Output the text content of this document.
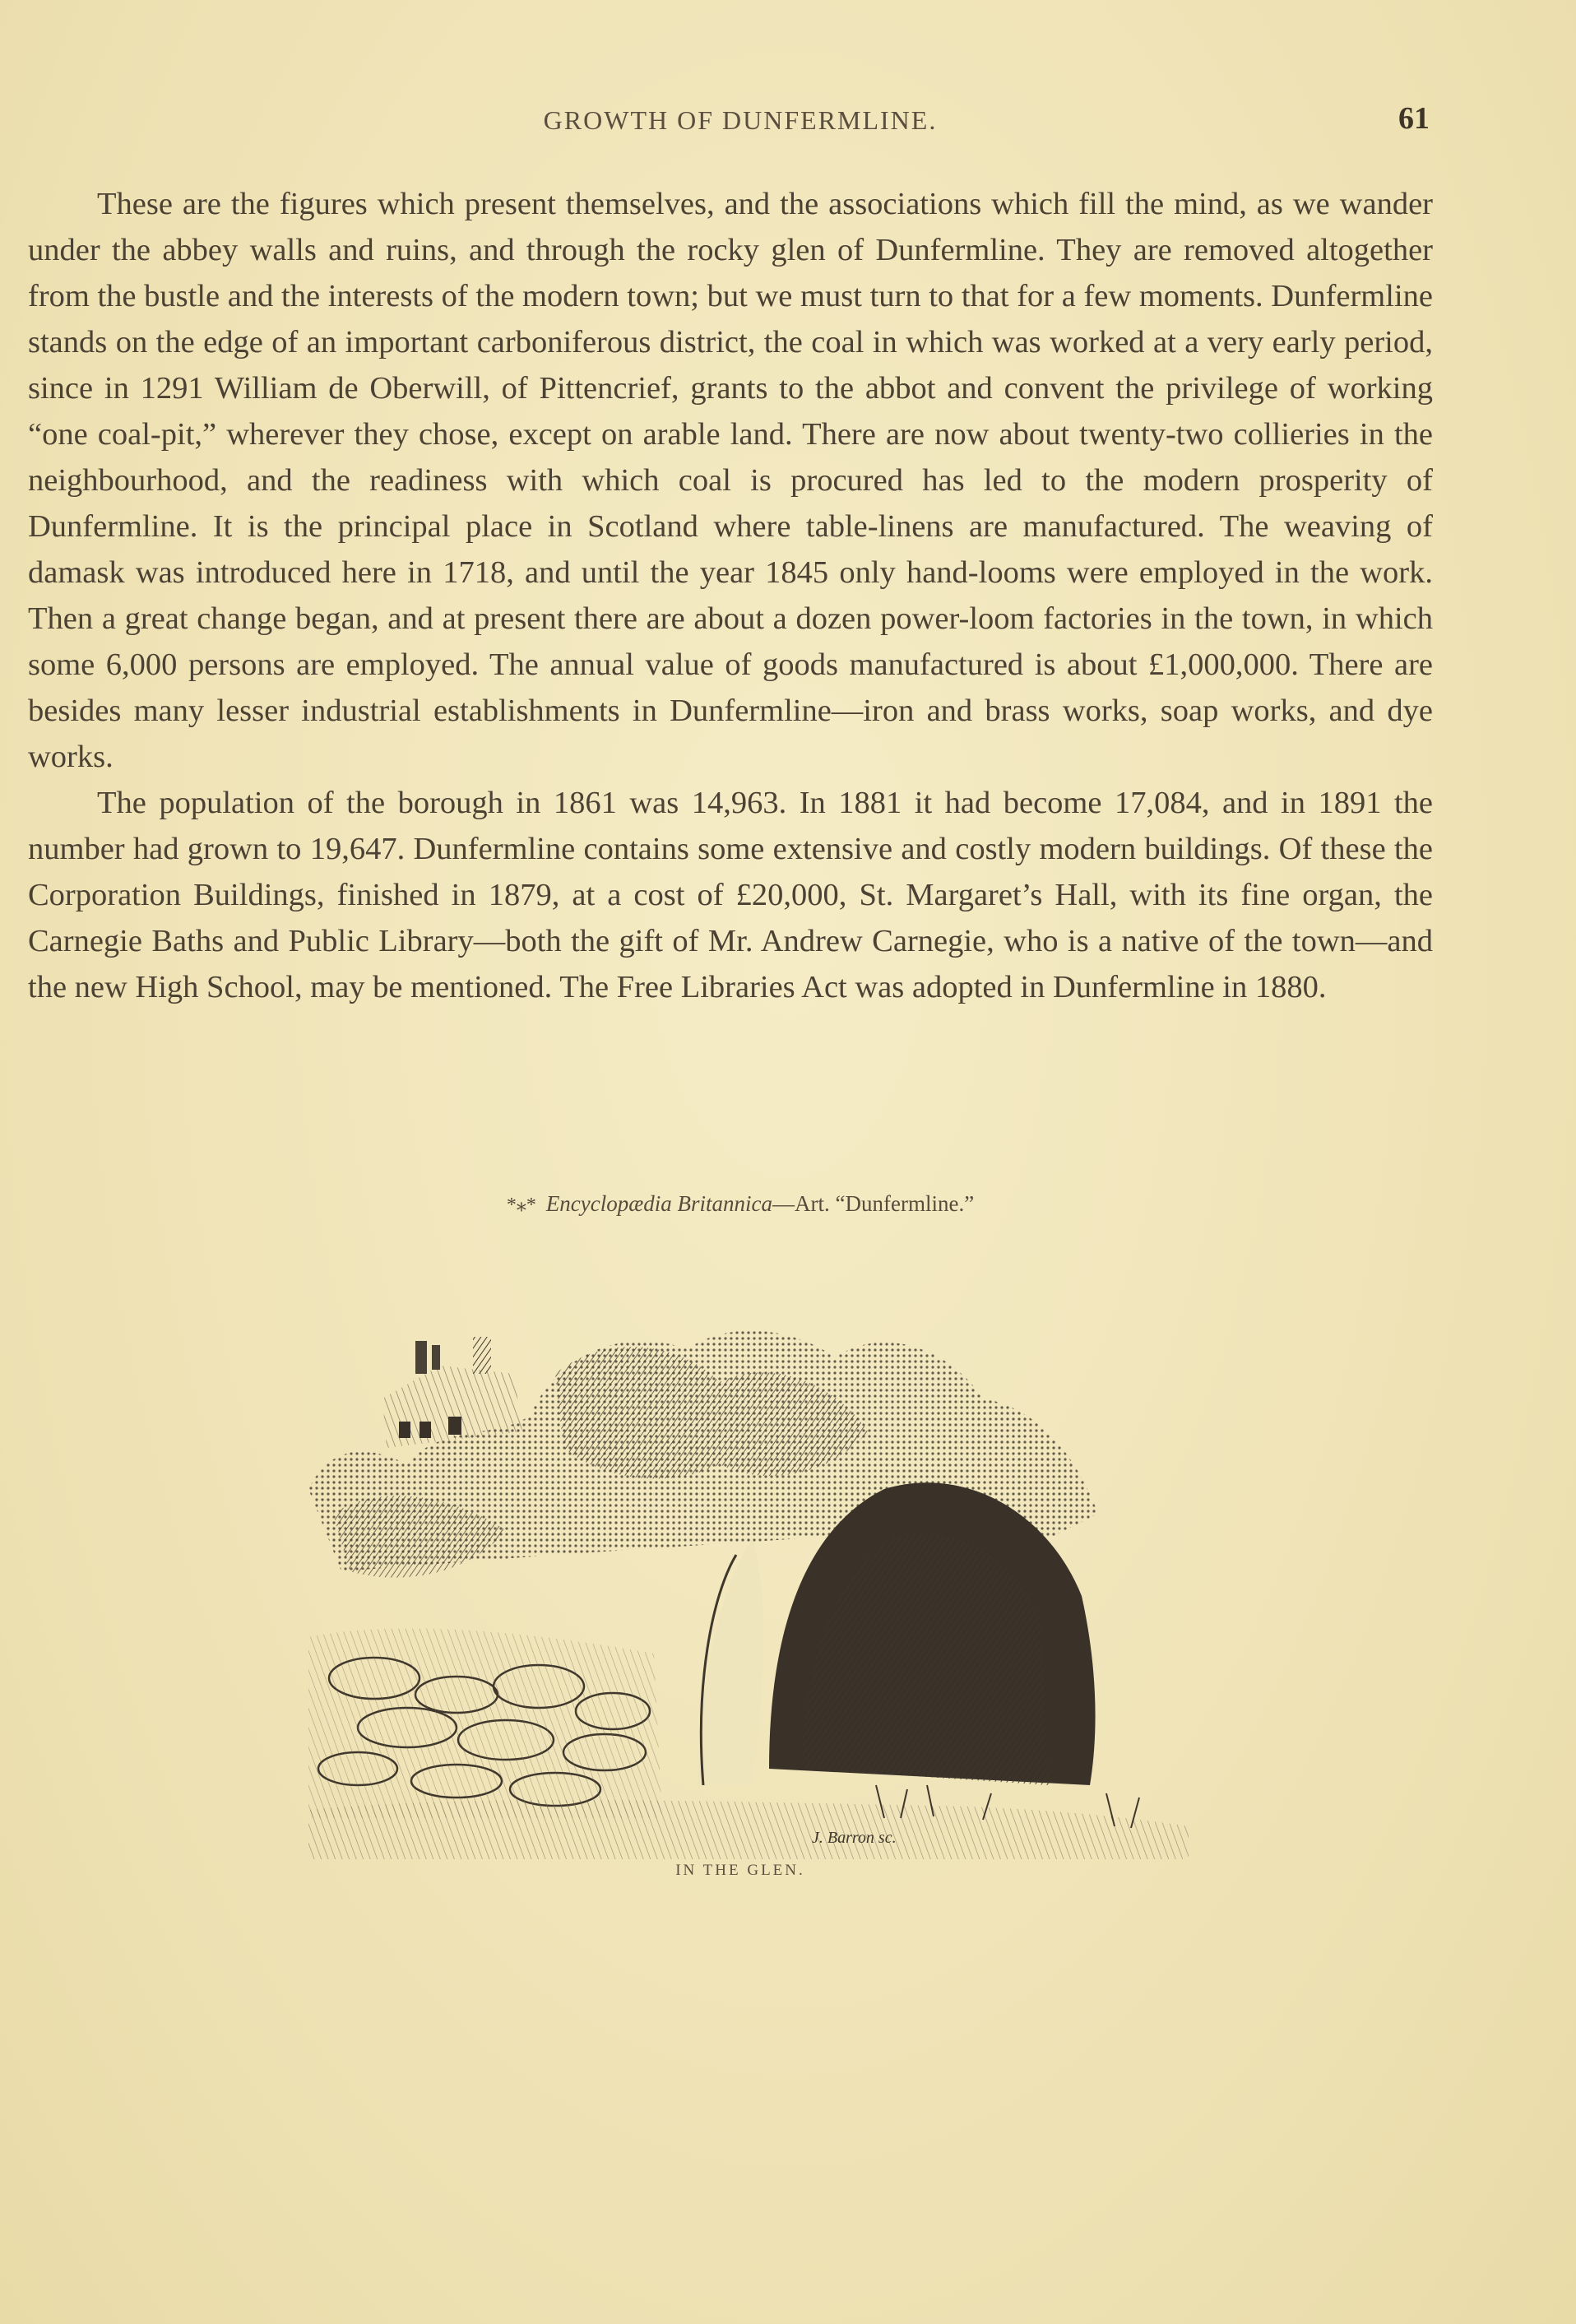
GROWTH OF DUNFERMLINE.	61

These are the figures which present themselves, and the associations which fill the mind, as we wander under the abbey walls and ruins, and through the rocky glen of Dunfermline. They are removed altogether from the bustle and the interests of the modern town; but we must turn to that for a few moments. Dunfermline stands on the edge of an important carboniferous district, the coal in which was worked at a very early period, since in 1291 William de Oberwill, of Pittencrief, grants to the abbot and convent the privilege of working “one coal-pit,” wherever they chose, except on arable land. There are now about twenty-two collieries in the neighbourhood, and the readiness with which coal is procured has led to the modern prosperity of Dunfermline. It is the principal place in Scotland where table-linens are manufactured. The weaving of damask was introduced here in 1718, and until the year 1845 only hand-looms were employed in the work. Then a great change began, and at present there are about a dozen power-loom factories in the town, in which some 6,000 persons are employed. The annual value of goods manufactured is about £1,000,000. There are besides many lesser industrial establishments in Dunfermline—iron and brass works, soap works, and dye works.

The population of the borough in 1861 was 14,963. In 1881 it had become 17,084, and in 1891 the number had grown to 19,647. Dunfermline contains some extensive and costly modern buildings. Of these the Corporation Buildings, finished in 1879, at a cost of £20,000, St. Margaret’s Hall, with its fine organ, the Carnegie Baths and Public Library—both the gift of Mr. Andrew Carnegie, who is a native of the town—and the new High School, may be mentioned. The Free Libraries Act was adopted in Dunfermline in 1880.

*⁎* Encyclopædia Britannica—Art. “Dunfermline.”
J. Barron sc.
IN THE GLEN.
